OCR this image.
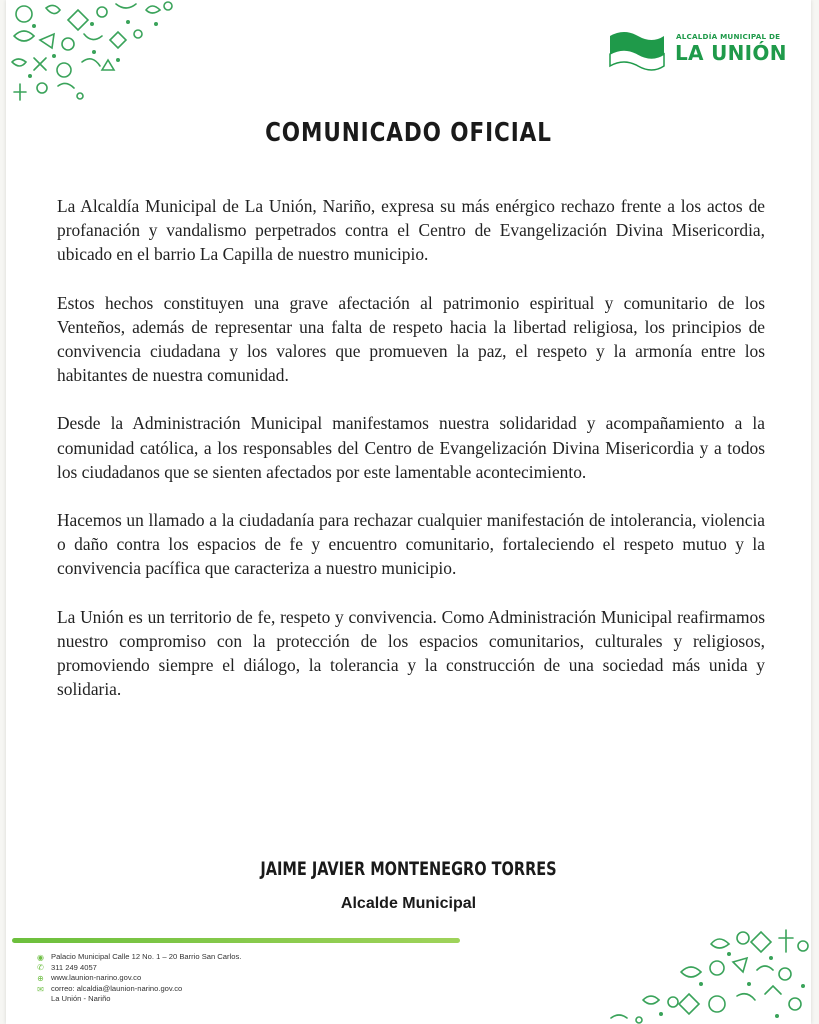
ALCALDÍA MUNICIPAL DE
LA UNIÓN
COMUNICADO OFICIAL

La Alcaldía Municipal de La Unión, Nariño, expresa su más enérgico rechazo frente a los actos de profanación y vandalismo perpetrados contra el Centro de Evangelización Divina Misericordia, ubicado en el barrio La Capilla de nuestro municipio.

Estos hechos constituyen una grave afectación al patrimonio espiritual y comunitario de los Venteños, además de representar una falta de respeto hacia la libertad religiosa, los principios de convivencia ciudadana y los valores que promueven la paz, el respeto y la armonía entre los habitantes de nuestra comunidad.

Desde la Administración Municipal manifestamos nuestra solidaridad y acompañamiento a la comunidad católica, a los responsables del Centro de Evangelización Divina Misericordia y a todos los ciudadanos que se sienten afectados por este lamentable acontecimiento.

Hacemos un llamado a la ciudadanía para rechazar cualquier manifestación de intolerancia, violencia o daño contra los espacios de fe y encuentro comunitario, fortaleciendo el respeto mutuo y la convivencia pacífica que caracteriza a nuestro municipio.

La Unión es un territorio de fe, respeto y convivencia. Como Administración Municipal reafirmamos nuestro compromiso con la protección de los espacios comunitarios, culturales y religiosos, promoviendo siempre el diálogo, la tolerancia y la construcción de una sociedad más unida y solidaria.

JAIME JAVIER MONTENEGRO TORRES
Alcalde Municipal
◉ Palacio Municipal Calle 12 No. 1 – 20 Barrio San Carlos.
✆ 311 249 4057
⊕ www.launion-narino.gov.co
✉ correo: alcaldia@launion-narino.gov.co
La Unión - Nariño
